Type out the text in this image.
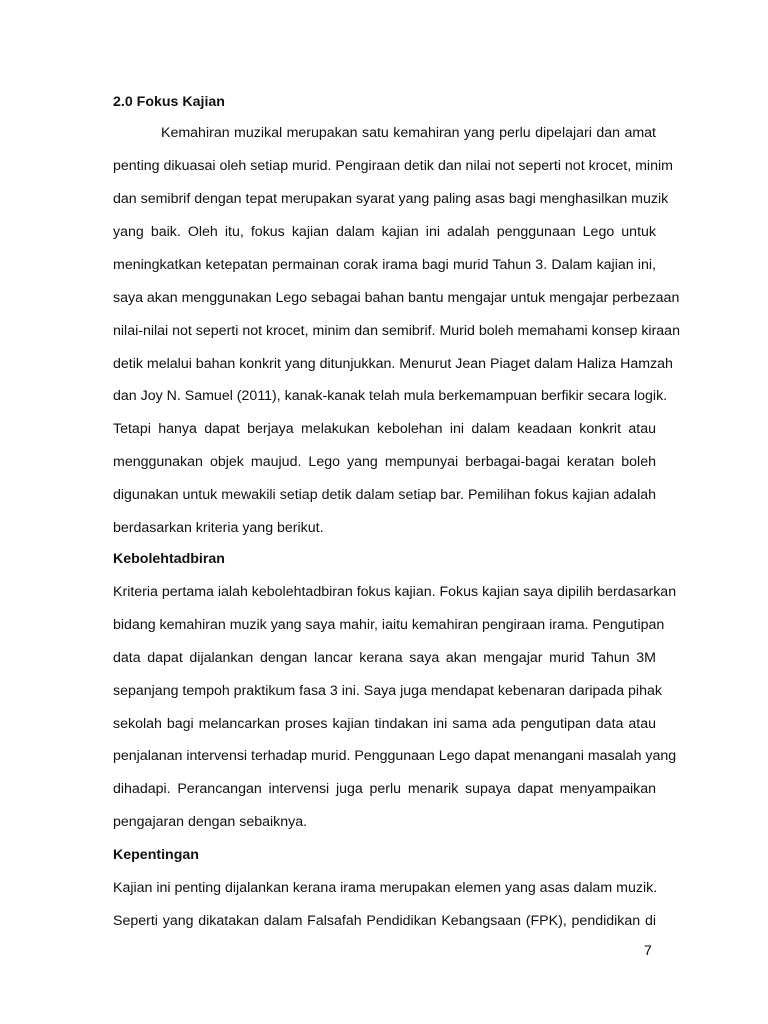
2.0 Fokus Kajian
Kemahiran muzikal merupakan satu kemahiran yang perlu dipelajari dan amat
penting dikuasai oleh setiap murid. Pengiraan detik dan nilai not seperti not krocet, minim
dan semibrif dengan tepat merupakan syarat yang paling asas bagi menghasilkan muzik
yang baik. Oleh itu, fokus kajian dalam kajian ini adalah penggunaan Lego untuk
meningkatkan ketepatan permainan corak irama bagi murid Tahun 3. Dalam kajian ini,
saya akan menggunakan Lego sebagai bahan bantu mengajar untuk mengajar perbezaan
nilai-nilai not seperti not krocet, minim dan semibrif. Murid boleh memahami konsep kiraan
detik melalui bahan konkrit yang ditunjukkan. Menurut Jean Piaget dalam Haliza Hamzah
dan Joy N. Samuel (2011), kanak-kanak telah mula berkemampuan berfikir secara logik.
Tetapi hanya dapat berjaya melakukan kebolehan ini dalam keadaan konkrit atau
menggunakan objek maujud. Lego yang mempunyai berbagai-bagai keratan boleh
digunakan untuk mewakili setiap detik dalam setiap bar. Pemilihan fokus kajian adalah
berdasarkan kriteria yang berikut.
Kebolehtadbiran
Kriteria pertama ialah kebolehtadbiran fokus kajian. Fokus kajian saya dipilih berdasarkan
bidang kemahiran muzik yang saya mahir, iaitu kemahiran pengiraan irama. Pengutipan
data dapat dijalankan dengan lancar kerana saya akan mengajar murid Tahun 3M
sepanjang tempoh praktikum fasa 3 ini. Saya juga mendapat kebenaran daripada pihak
sekolah bagi melancarkan proses kajian tindakan ini sama ada pengutipan data atau
penjalanan intervensi terhadap murid. Penggunaan Lego dapat menangani masalah yang
dihadapi. Perancangan intervensi juga perlu menarik supaya dapat menyampaikan
pengajaran dengan sebaiknya.
Kepentingan
Kajian ini penting dijalankan kerana irama merupakan elemen yang asas dalam muzik.
Seperti yang dikatakan dalam Falsafah Pendidikan Kebangsaan (FPK), pendidikan di
7
